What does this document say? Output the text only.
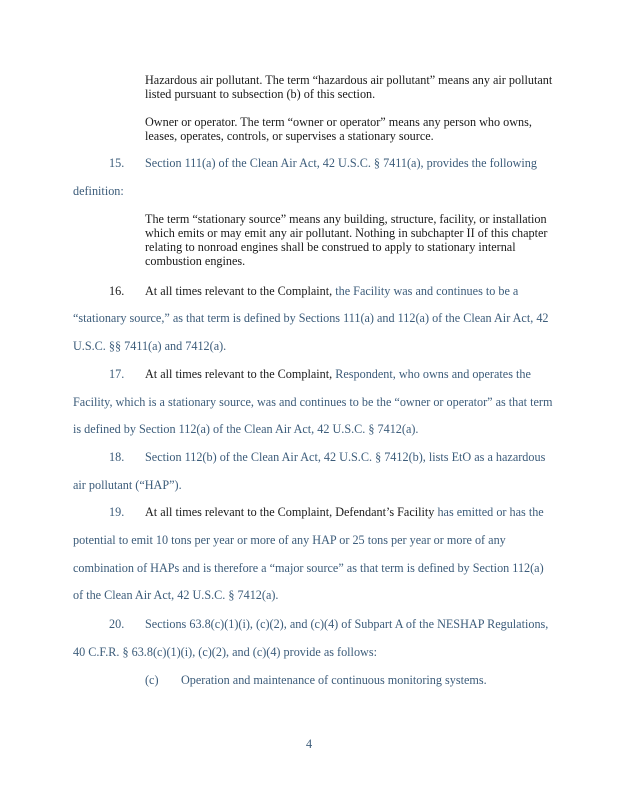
Hazardous air pollutant. The term “hazardous air pollutant” means any air pollutant
listed pursuant to subsection (b) of this section.
Owner or operator. The term “owner or operator” means any person who owns,
leases, operates, controls, or supervises a stationary source.
15. Section 111(a) of the Clean Air Act, 42 U.S.C. § 7411(a), provides the following
definition:
The term “stationary source” means any building, structure, facility, or installation
which emits or may emit any air pollutant. Nothing in subchapter II of this chapter
relating to nonroad engines shall be construed to apply to stationary internal
combustion engines.
16. At all times relevant to the Complaint, the Facility was and continues to be a
“stationary source,” as that term is defined by Sections 111(a) and 112(a) of the Clean Air Act, 42
U.S.C. §§ 7411(a) and 7412(a).
17. At all times relevant to the Complaint, Respondent, who owns and operates the
Facility, which is a stationary source, was and continues to be the “owner or operator” as that term
is defined by Section 112(a) of the Clean Air Act, 42 U.S.C. § 7412(a).
18. Section 112(b) of the Clean Air Act, 42 U.S.C. § 7412(b), lists EtO as a hazardous
air pollutant (“HAP”).
19. At all times relevant to the Complaint, Defendant’s Facility has emitted or has the
potential to emit 10 tons per year or more of any HAP or 25 tons per year or more of any
combination of HAPs and is therefore a “major source” as that term is defined by Section 112(a)
of the Clean Air Act, 42 U.S.C. § 7412(a).
20. Sections 63.8(c)(1)(i), (c)(2), and (c)(4) of Subpart A of the NESHAP Regulations,
40 C.F.R. § 63.8(c)(1)(i), (c)(2), and (c)(4) provide as follows:
(c) Operation and maintenance of continuous monitoring systems.
4
